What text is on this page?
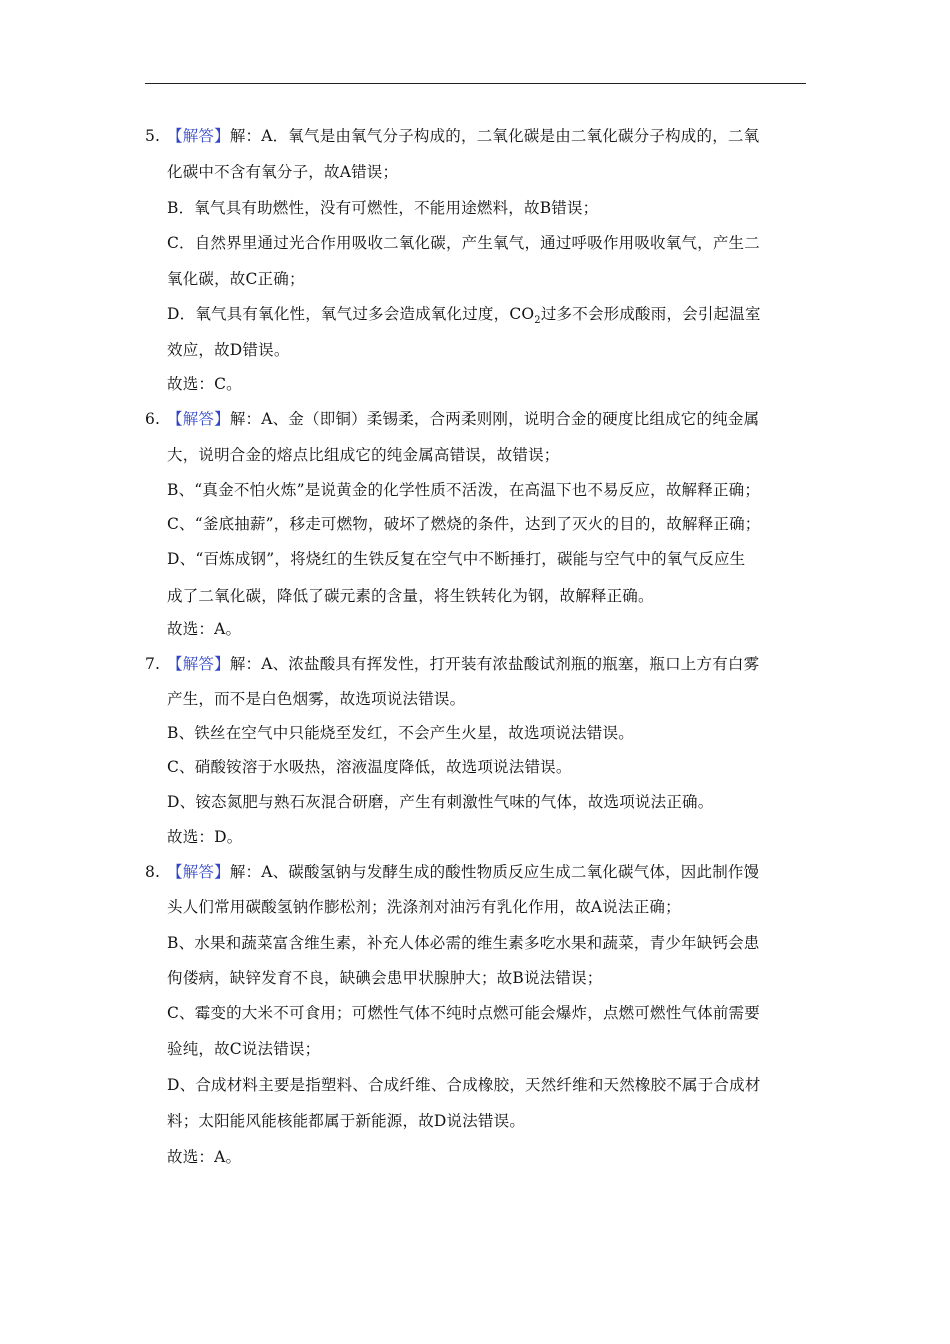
5. 【解答】解：A．氧气是由氧气分子构成的，二氧化碳是由二氧化碳分子构成的，二氧
化碳中不含有氧分子，故A错误；
B．氧气具有助燃性，没有可燃性，不能用途燃料，故B错误；
C．自然界里通过光合作用吸收二氧化碳，产生氧气，通过呼吸作用吸收氧气，产生二
氧化碳，故C正确；
D．氧气具有氧化性，氧气过多会造成氧化过度，$CO_2$过多不会形成酸雨，会引起温室
效应，故D错误。
故选：C。
6. 【解答】解：A、金（即铜）柔锡柔，合两柔则刚，说明合金的硬度比组成它的纯金属
大，说明合金的熔点比组成它的纯金属高错误，故错误；
B、“真金不怕火炼”是说黄金的化学性质不活泼，在高温下也不易反应，故解释正确；
C、“釜底抽薪”，移走可燃物，破坏了燃烧的条件，达到了灭火的目的，故解释正确；
D、“百炼成钢”，将烧红的生铁反复在空气中不断捶打，碳能与空气中的氧气反应生
成了二氧化碳，降低了碳元素的含量，将生铁转化为钢，故解释正确。
故选：A。
7. 【解答】解：A、浓盐酸具有挥发性，打开装有浓盐酸试剂瓶的瓶塞，瓶口上方有白雾
产生，而不是白色烟雾，故选项说法错误。
B、铁丝在空气中只能烧至发红，不会产生火星，故选项说法错误。
C、硝酸铵溶于水吸热，溶液温度降低，故选项说法错误。
D、铵态氮肥与熟石灰混合研磨，产生有刺激性气味的气体，故选项说法正确。
故选：D。
8. 【解答】解：A、碳酸氢钠与发酵生成的酸性物质反应生成二氧化碳气体，因此制作馒
头人们常用碳酸氢钠作膨松剂；洗涤剂对油污有乳化作用，故A说法正确；
B、水果和蔬菜富含维生素，补充人体必需的维生素多吃水果和蔬菜，青少年缺钙会患
佝偻病，缺锌发育不良，缺碘会患甲状腺肿大；故B说法错误；
C、霉变的大米不可食用；可燃性气体不纯时点燃可能会爆炸，点燃可燃性气体前需要
验纯，故C说法错误；
D、合成材料主要是指塑料、合成纤维、合成橡胶，天然纤维和天然橡胶不属于合成材
料；太阳能风能核能都属于新能源，故D说法错误。
故选：A。
